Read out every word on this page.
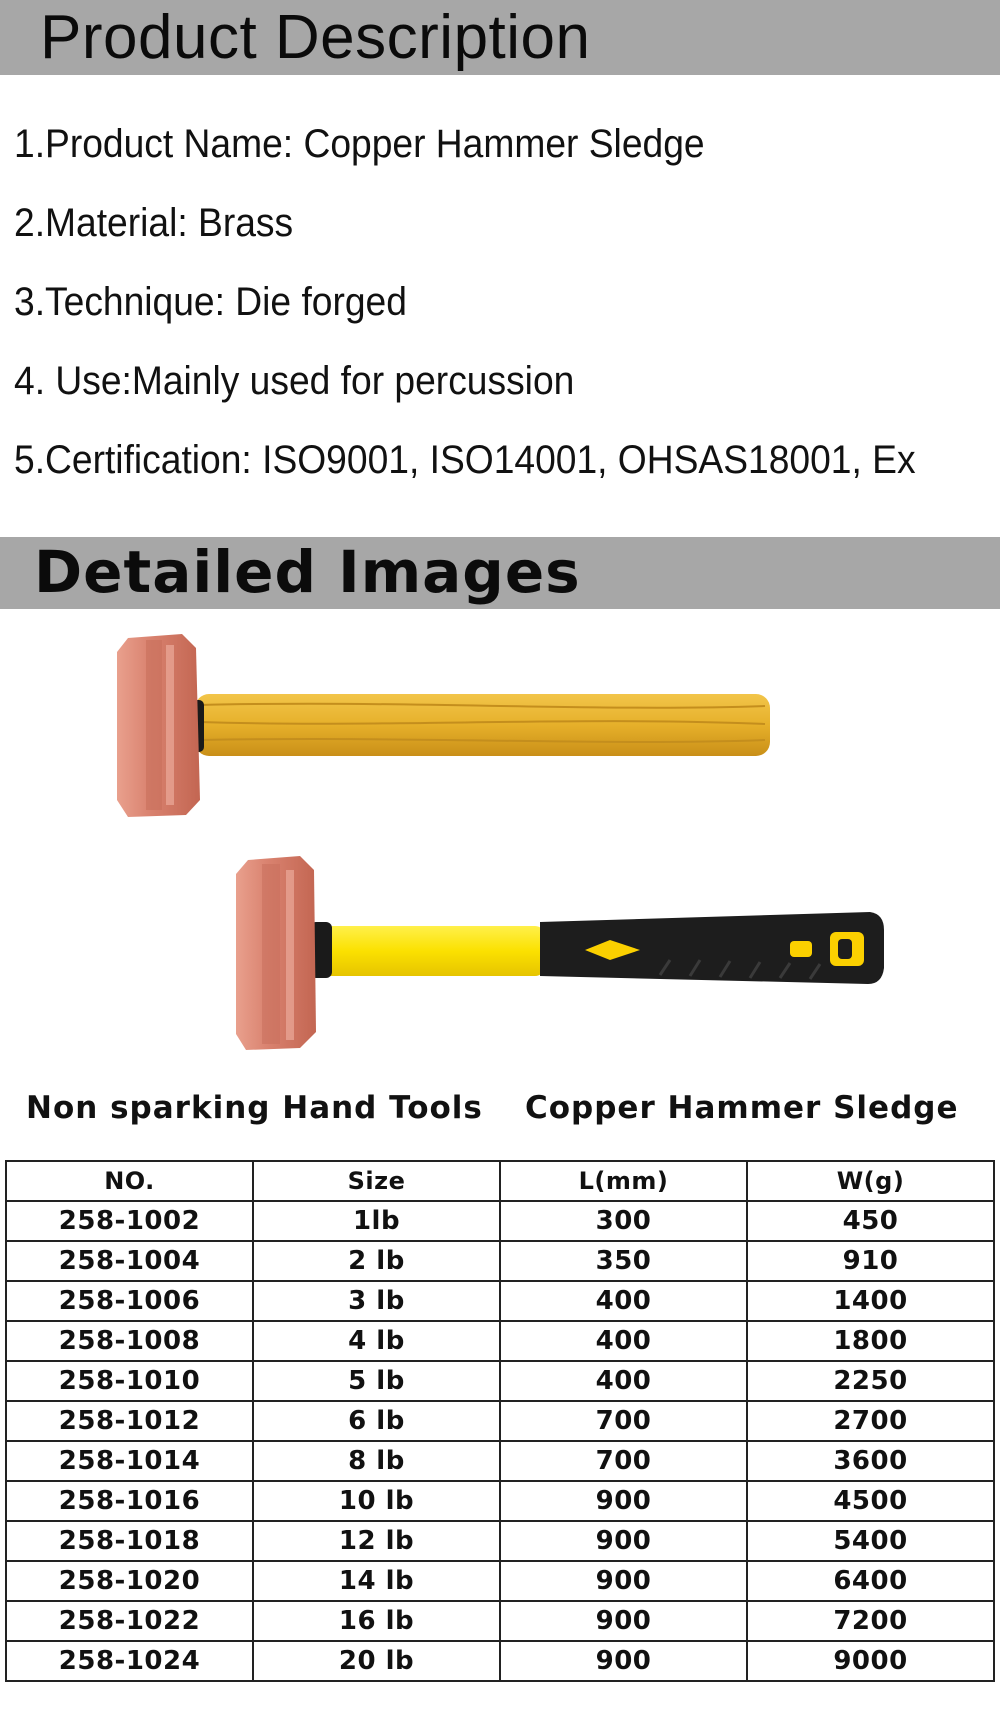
Product Description
1.Product Name: Copper Hammer Sledge
2.Material: Brass
3.Technique: Die forged
4. Use:Mainly used for percussion
5.Certification: ISO9001, ISO14001, OHSAS18001, Ex
Detailed Images
Non sparking Hand Tools Copper Hammer Sledge
NO.	Size	L(mm)	W(g)
258-1002	1lb	300	450
258-1004	2 lb	350	910
258-1006	3 lb	400	1400
258-1008	4 lb	400	1800
258-1010	5 lb	400	2250
258-1012	6 lb	700	2700
258-1014	8 lb	700	3600
258-1016	10 lb	900	4500
258-1018	12 lb	900	5400
258-1020	14 lb	900	6400
258-1022	16 lb	900	7200
258-1024	20 lb	900	9000
